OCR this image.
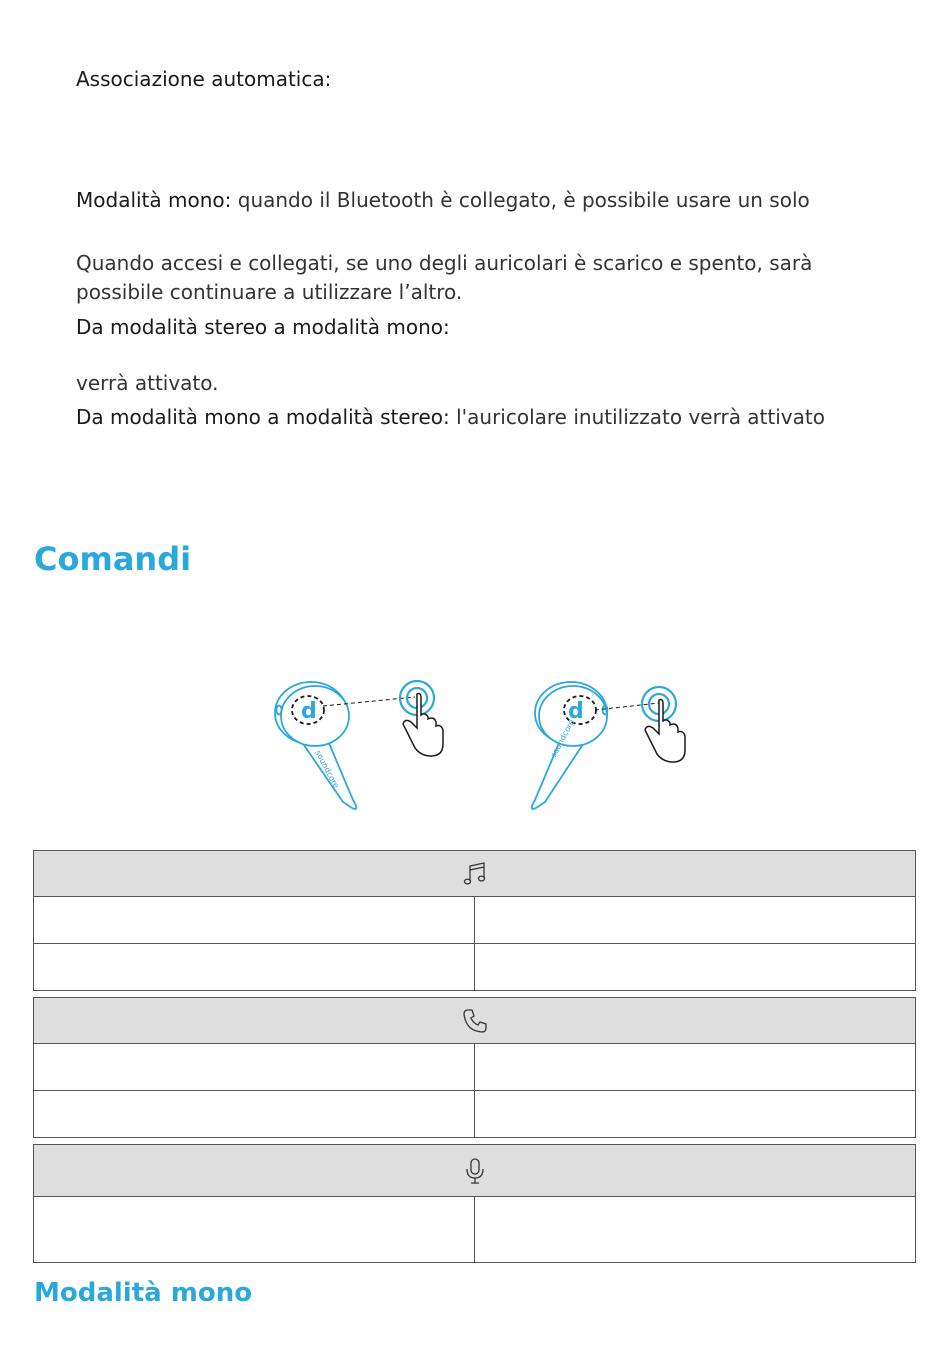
Associazione automatica:

Modalità mono: quando il Bluetooth è collegato, è possibile usare un solo

Quando accesi e collegati, se uno degli auricolari è scarico e spento, sarà possibile continuare a utilizzare l’altro.

Da modalità stereo a modalità mono:

verrà attivato.

Da modalità mono a modalità stereo: l'auricolare inutilizzato verrà attivato

Comandi
d
soundcore
d
soundcore

Modalità mono
